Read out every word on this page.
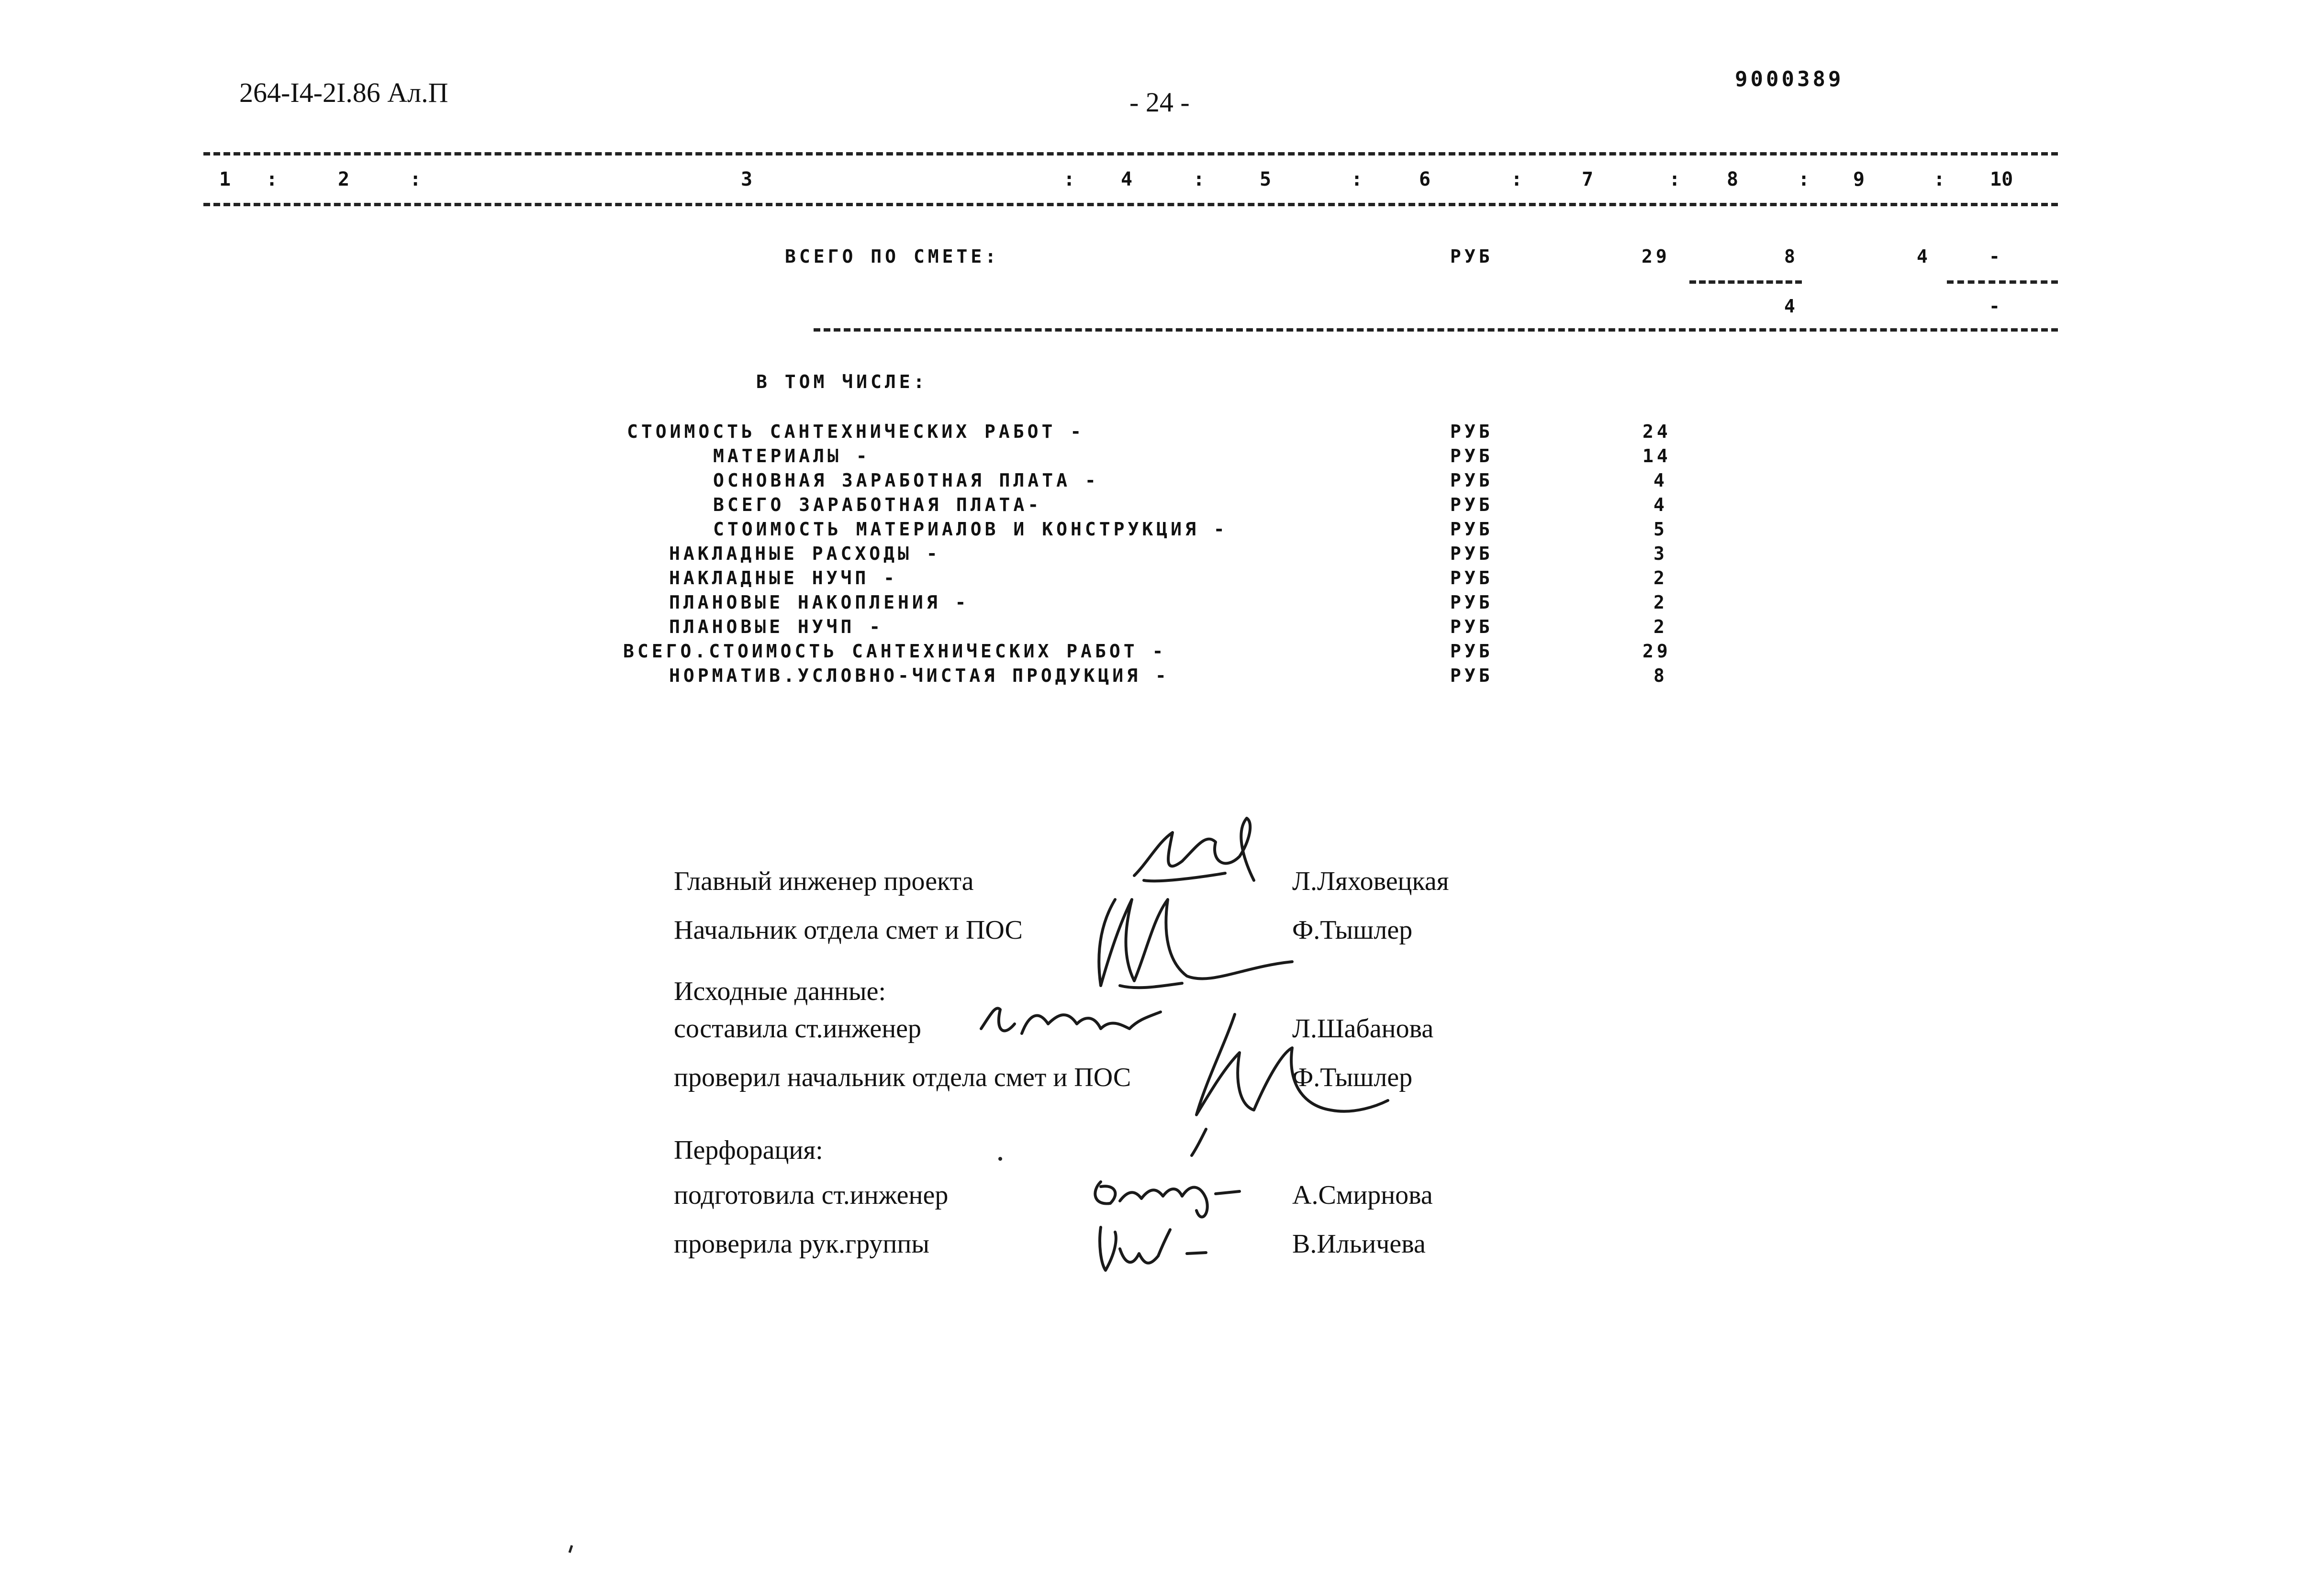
264-I4-2I.86 Ал.П	- 24 -
9000389
1 :	2	:	3	: 4	:	5	:	6	:	7	: 8	: 9	: 10
ВСЕГО ПО СМЕТЕ:	РУБ	29	8	4	-
4	-
В ТОМ ЧИСЛЕ:
СТОИМОСТЬ САНТЕХНИЧЕСКИХ РАБОТ -	РУБ	24
МАТЕРИАЛЫ -	РУБ	14
ОСНОВНАЯ ЗАРАБОТНАЯ ПЛАТА -	РУБ	4
ВСЕГО ЗАРАБОТНАЯ ПЛАТА-	РУБ	4
СТОИМОСТЬ МАТЕРИАЛОВ И КОНСТРУКЦИЯ -	РУБ	5
НАКЛАДНЫЕ РАСХОДЫ -	РУБ	3
НАКЛАДНЫЕ НУЧП -	РУБ	2
ПЛАНОВЫЕ НАКОПЛЕНИЯ -	РУБ	2
ПЛАНОВЫЕ НУЧП -	РУБ	2
ВСЕГО.СТОИМОСТЬ САНТЕХНИЧЕСКИХ РАБОТ -	РУБ	29
НОРМАТИВ.УСЛОВНО-ЧИСТАЯ ПРОДУКЦИЯ -	РУБ	8
Главный инженер проекта	Л.Ляховецкая
Начальник отдела смет и ПОС	Ф.Тышлер
Исходные данные:
составила ст.инженер	Л.Шабанова
проверил начальник отдела смет и ПОС	Ф.Тышлер
Перфорация:
подготовила ст.инженер	А.Смирнова
проверила рук.группы	В.Ильичева
